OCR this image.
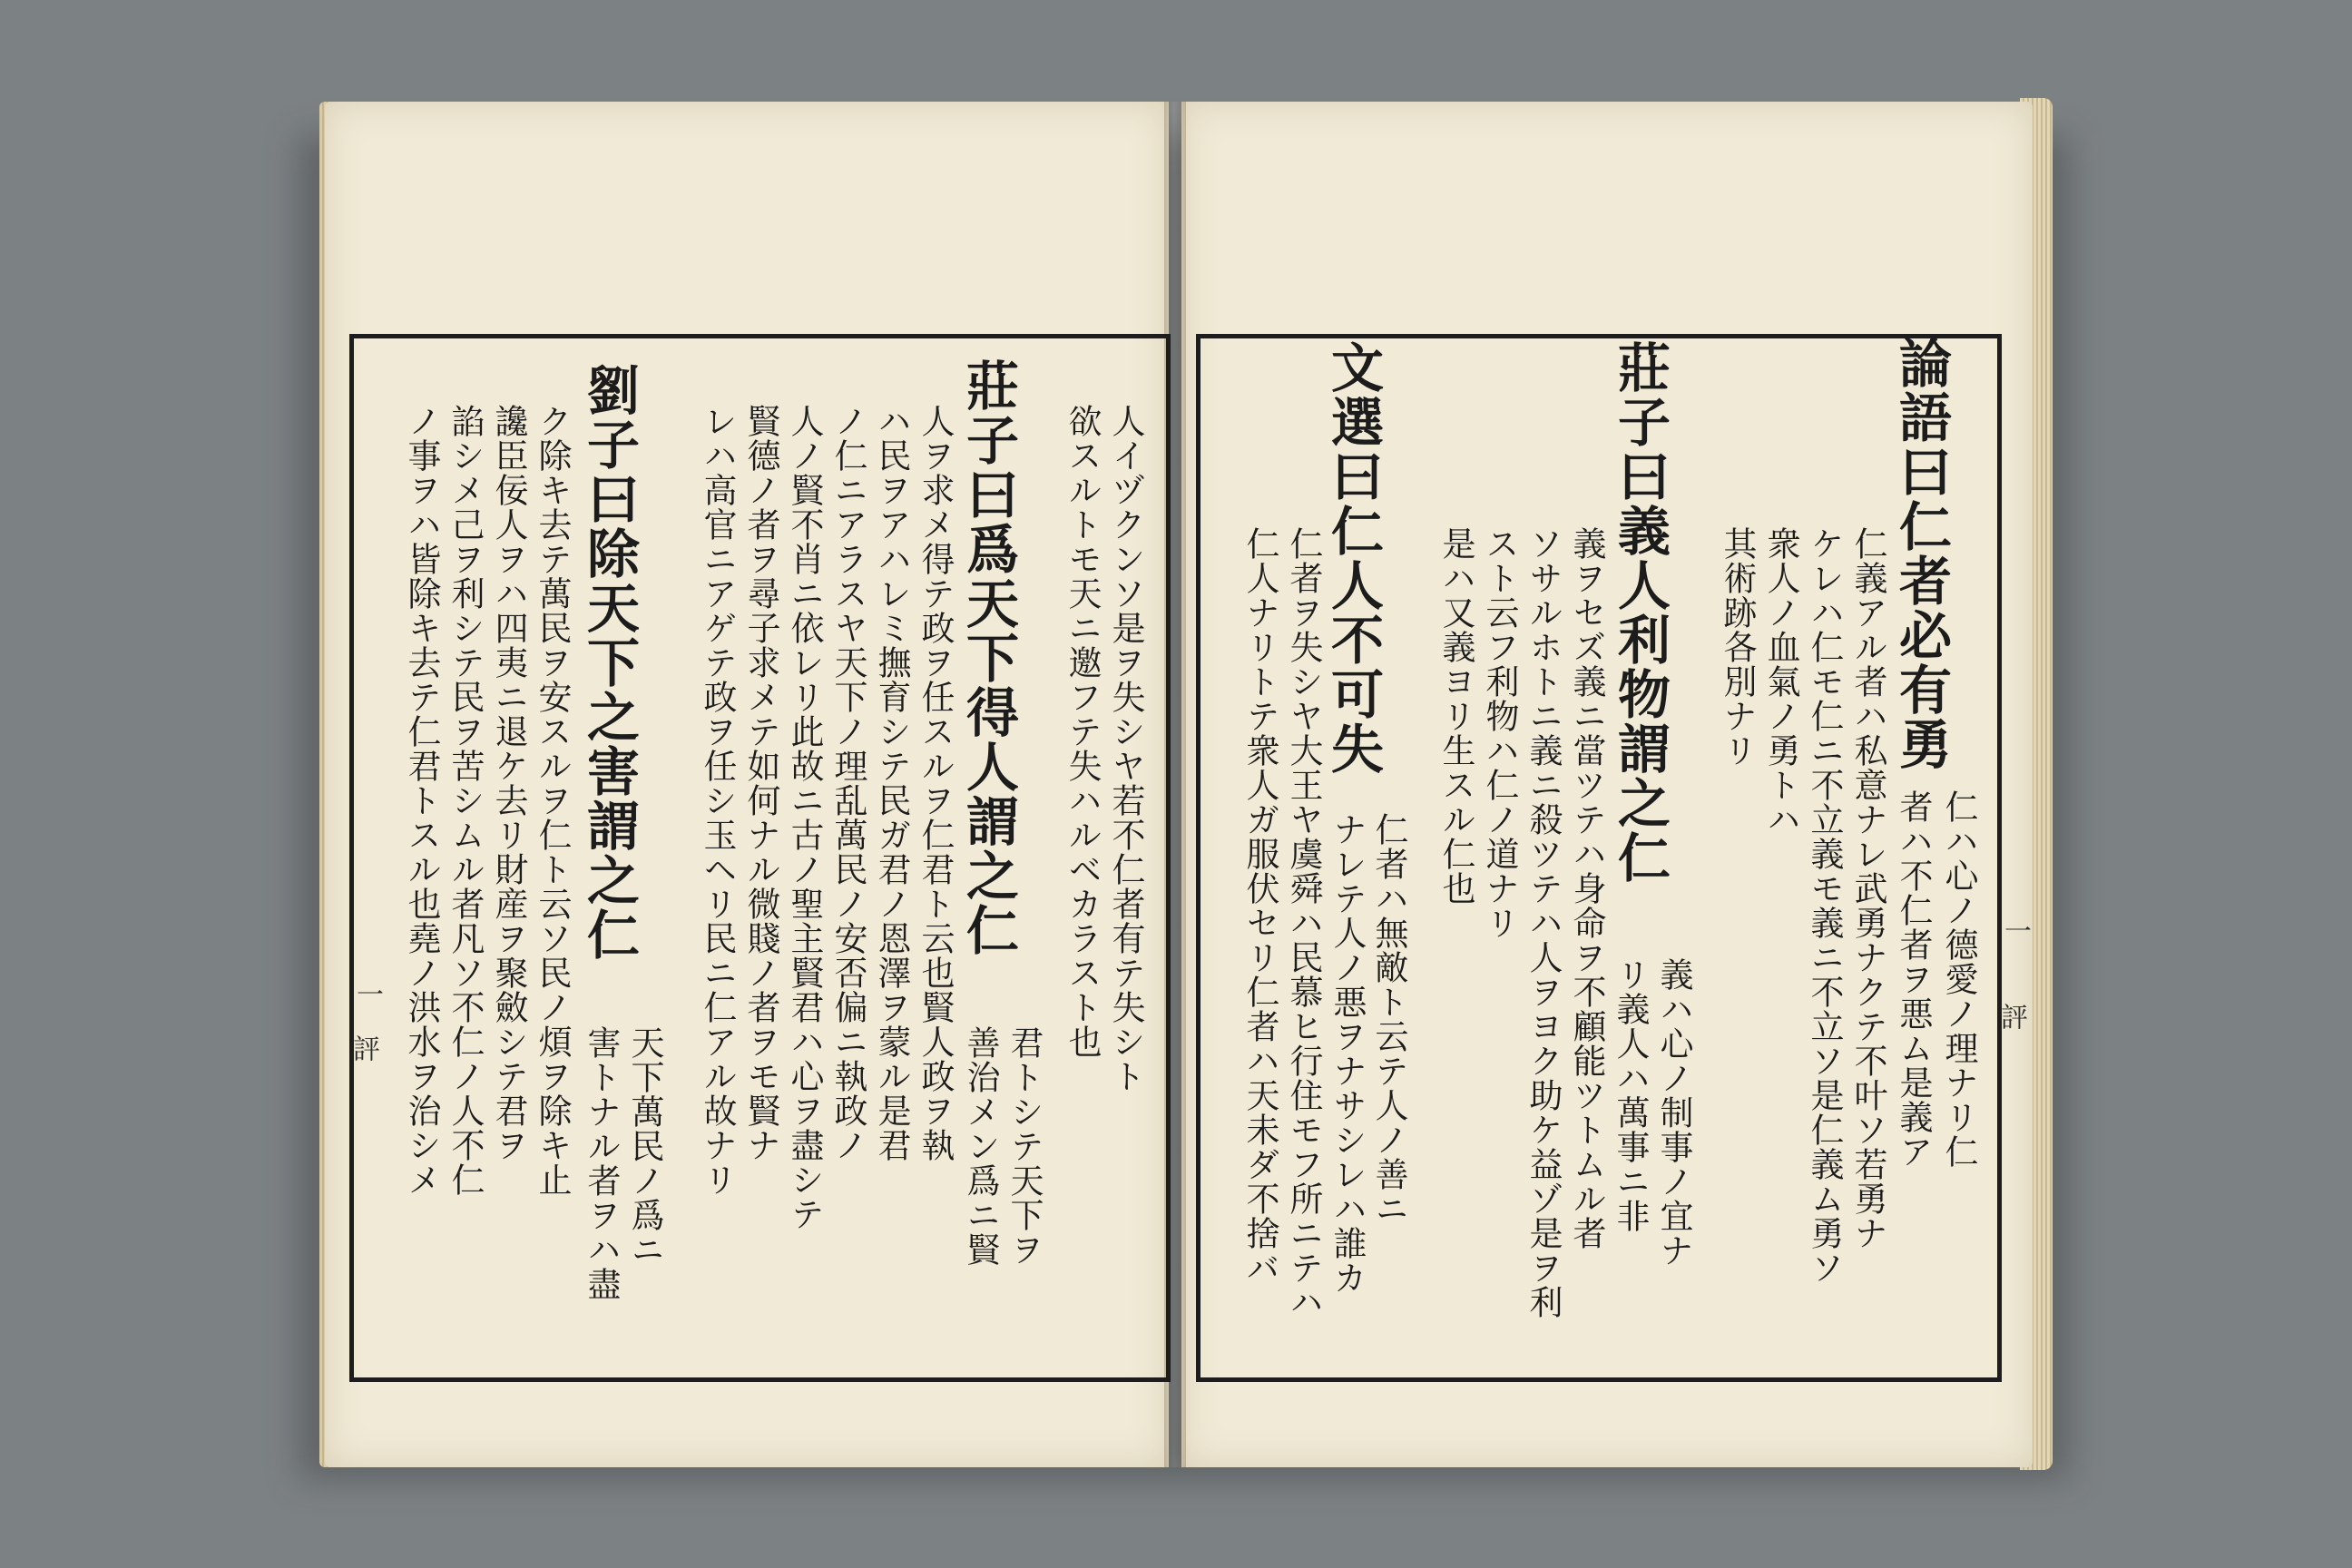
一
評
一
評
論語曰仁者必有勇
仁ハ心ノ德愛ノ理ナリ仁
者ハ不仁者ヲ悪ム是義ア
仁義アル者ハ私意ナレ武勇ナクテ不叶ソ若勇ナ
ケレハ仁モ仁ニ不立義モ義ニ不立ソ是仁義ム勇ソ
衆人ノ血氣ノ勇トハ
其術跡各別ナリ
莊子曰義人利物謂之仁
義ハ心ノ制事ノ宜ナ
リ義人ハ萬事ニ非
義ヲセズ義ニ當ツテハ身命ヲ不顧能ツトムル者
ソサルホトニ義ニ殺ツテハ人ヲヨク助ケ益ゾ是ヲ利
スト云フ利物ハ仁ノ道ナリ
是ハ又義ヨリ生スル仁也
文選曰仁人不可失
仁者ハ無敵ト云テ人ノ善ニ
ナレテ人ノ悪ヲナサシレハ誰カ
仁者ヲ失シヤ大王ヤ虞舜ハ民慕ヒ行住モフ所ニテハ
仁人ナリトテ衆人ガ服伏セリ仁者ハ天未ダ不捨バ
人イヅクンソ是ヲ失シヤ若不仁者有テ失シト
欲スルトモ天ニ邀フテ失ハルベカラスト也
莊子曰爲天下得人謂之仁
君トシテ天下ヲ
善治メン爲ニ賢
人ヲ求メ得テ政ヲ任スルヲ仁君ト云也賢人政ヲ執
ハ民ヲアハレミ撫育シテ民ガ君ノ恩澤ヲ蒙ル是君
ノ仁ニアラスヤ天下ノ理乱萬民ノ安否偏ニ執政ノ
人ノ賢不肖ニ依レリ此故ニ古ノ聖主賢君ハ心ヲ盡シテ
賢德ノ者ヲ尋子求メテ如何ナル微賤ノ者ヲモ賢ナ
レハ高官ニアゲテ政ヲ任シ玉ヘリ民ニ仁アル故ナリ
劉子曰除天下之害謂之仁
天下萬民ノ爲ニ
害トナル者ヲハ盡
ク除キ去テ萬民ヲ安スルヲ仁ト云ソ民ノ煩ヲ除キ止
讒臣佞人ヲハ四夷ニ退ケ去リ財産ヲ聚斂シテ君ヲ
諂シメ己ヲ利シテ民ヲ苦シムル者凡ソ不仁ノ人不仁
ノ事ヲハ皆除キ去テ仁君トスル也堯ノ洪水ヲ治シメ
